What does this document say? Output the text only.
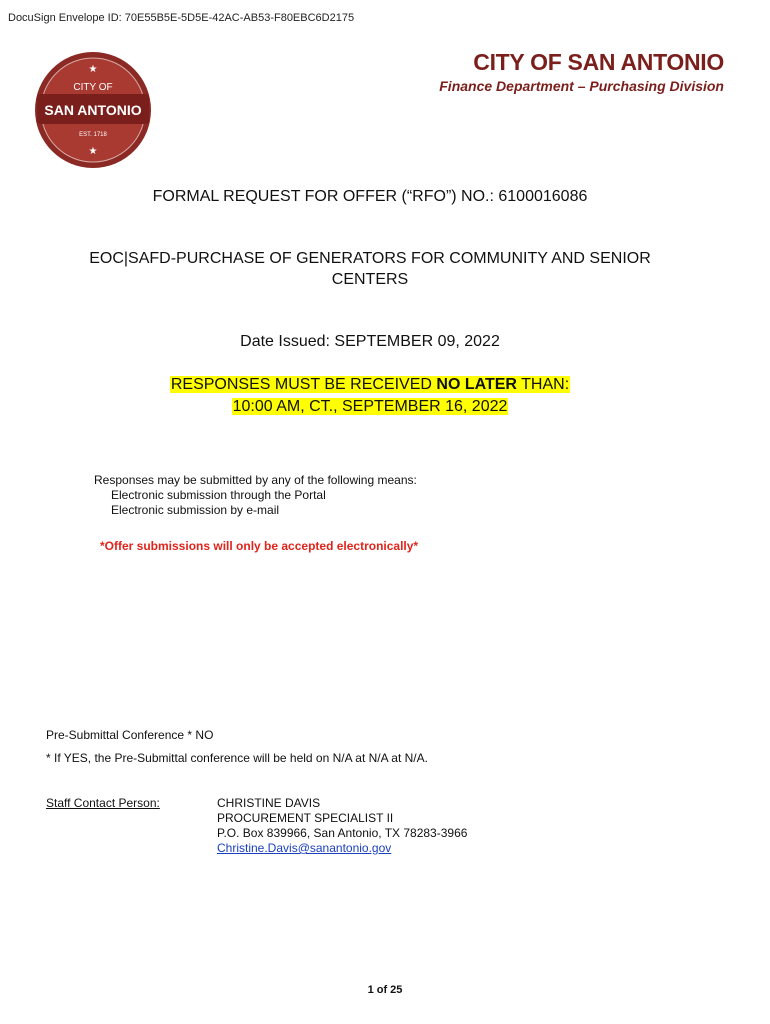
DocuSign Envelope ID: 70E55B5E-5D5E-42AC-AB53-F80EBC6D2175
★
CITY OF
SAN ANTONIO
EST. 1718
★
CITY OF SAN ANTONIO
Finance Department – Purchasing Division
FORMAL REQUEST FOR OFFER (“RFO”) NO.: 6100016086
EOC|SAFD-PURCHASE OF GENERATORS FOR COMMUNITY AND SENIOR
CENTERS
Date Issued: SEPTEMBER 09, 2022
RESPONSES MUST BE RECEIVED NO LATER THAN:
10:00 AM, CT., SEPTEMBER 16, 2022
Responses may be submitted by any of the following means:
Electronic submission through the Portal
Electronic submission by e-mail
*Offer submissions will only be accepted electronically*
Pre-Submittal Conference * NO
* If YES, the Pre-Submittal conference will be held on N/A at N/A at N/A.
Staff Contact Person:	CHRISTINE DAVIS
PROCUREMENT SPECIALIST II
P.O. Box 839966, San Antonio, TX 78283-3966
Christine.Davis@sanantonio.gov
1 of 25
